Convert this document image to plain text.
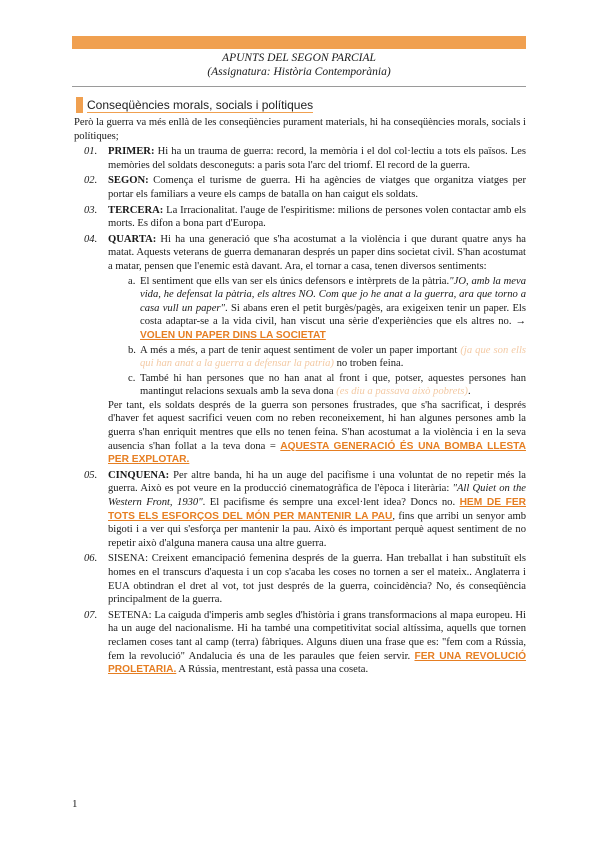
APUNTS DEL SEGON PARCIAL
(Assignatura: Història Contemporània)
Conseqüències morals, socials i polítiques

Però la guerra va més enllà de les conseqüències purament materials, hi ha conseqüències morals, socials i polítiques;

01.	PRIMER: Hi ha un trauma de guerra: record, la memòria i el dol col·lectiu a tots els països. Les memòries del soldats desconeguts: a paris sota l'arc del triomf. El record de la guerra.
02.	SEGON: Comença el turisme de guerra. Hi ha agències de viatges que organitza viatges per portar els familiars a veure els camps de batalla on han caigut els soldats.
03.	TERCERA: La Irracionalitat. l'auge de l'espiritisme: milions de persones volen contactar amb els morts. Es difon a bona part d'Europa.
04.	QUARTA: Hi ha una generació que s'ha acostumat a la violència i que durant quatre anys ha matat. Aquests veterans de guerra demanaran després un paper dins societat civil. S'han acostumat a matar, pensen que l'enemic està davant. Ara, el tornar a casa, tenen diversos sentiments:
a. El sentiment que ells van ser els únics defensors e intèrprets de la pàtria."JO, amb la meva vida, he defensat la pàtria, els altres NO. Com que jo he anat a la guerra, ara que torno a casa vull un paper". Si abans eren el petit burgès/pagès, ara exigeixen tenir un paper. Els costa adaptar-se a la vida civil, han viscut una sèrie d'experiències que els altres no. → VOLEN UN PAPER DINS LA SOCIETAT
b. A més a més, a part de tenir aquest sentiment de voler un paper important (ja que son ells qui han anat a la guerra a defensar la patria) no troben feina.
c. També hi han persones que no han anat al front i que, potser, aquestes persones han mantingut relacions sexuals amb la seva dona (es diu a passava això pobrets).

Per tant, els soldats després de la guerra son persones frustrades, que s'ha sacrificat, i després d'haver fet aquest sacrifici veuen com no reben reconeixement, hi han algunes persones amb la guerra s'han enriquit mentres que ells no tenen feina. S'han acostumat a la violència i en la seva ausencia s'han follat a la teva dona = AQUESTA GENERACIÓ ÉS UNA BOMBA LLESTA PER EXPLOTAR.

05.	CINQUENA: Per altre banda, hi ha un auge del pacifisme i una voluntat de no repetir més la guerra. Això es pot veure en la producció cinematogràfica de l'època i literària: "All Quiet on the Western Front, 1930". El pacifisme és sempre una excel·lent idea? Doncs no. HEM DE FER TOTS ELS ESFORÇOS DEL MÓN PER MANTENIR LA PAU, fins que arribi un senyor amb bigoti i a ver qui s'esforça per mantenir la pau. Això és important perquè aquest sentiment de no repetir això d'alguna manera causa una altre guerra.
06.	SISENA: Creixent emancipació femenina després de la guerra. Han treballat i han substituït els homes en el transcurs d'aquesta i un cop s'acaba les coses no tornen a ser el mateix.. Anglaterra i EUA obtindran el dret al vot, tot just després de la guerra, coincidència? No, és conseqüència principalment de la guerra.
07.	SETENA: La caiguda d'imperis amb segles d'història i grans transformacions al mapa europeu. Hi ha un auge del nacionalisme. Hi ha també una competitivitat social altíssima, aquells que tornen reclamen coses tant al camp (terra) fàbriques. Alguns diuen una frase que es: "fem com a Rússia, fem la revolució" Andalucia és una de les paraules que feien servir. FER UNA REVOLUCIÓ PROLETARIA. A Rússia, mentrestant, està passa una coseta.
1
